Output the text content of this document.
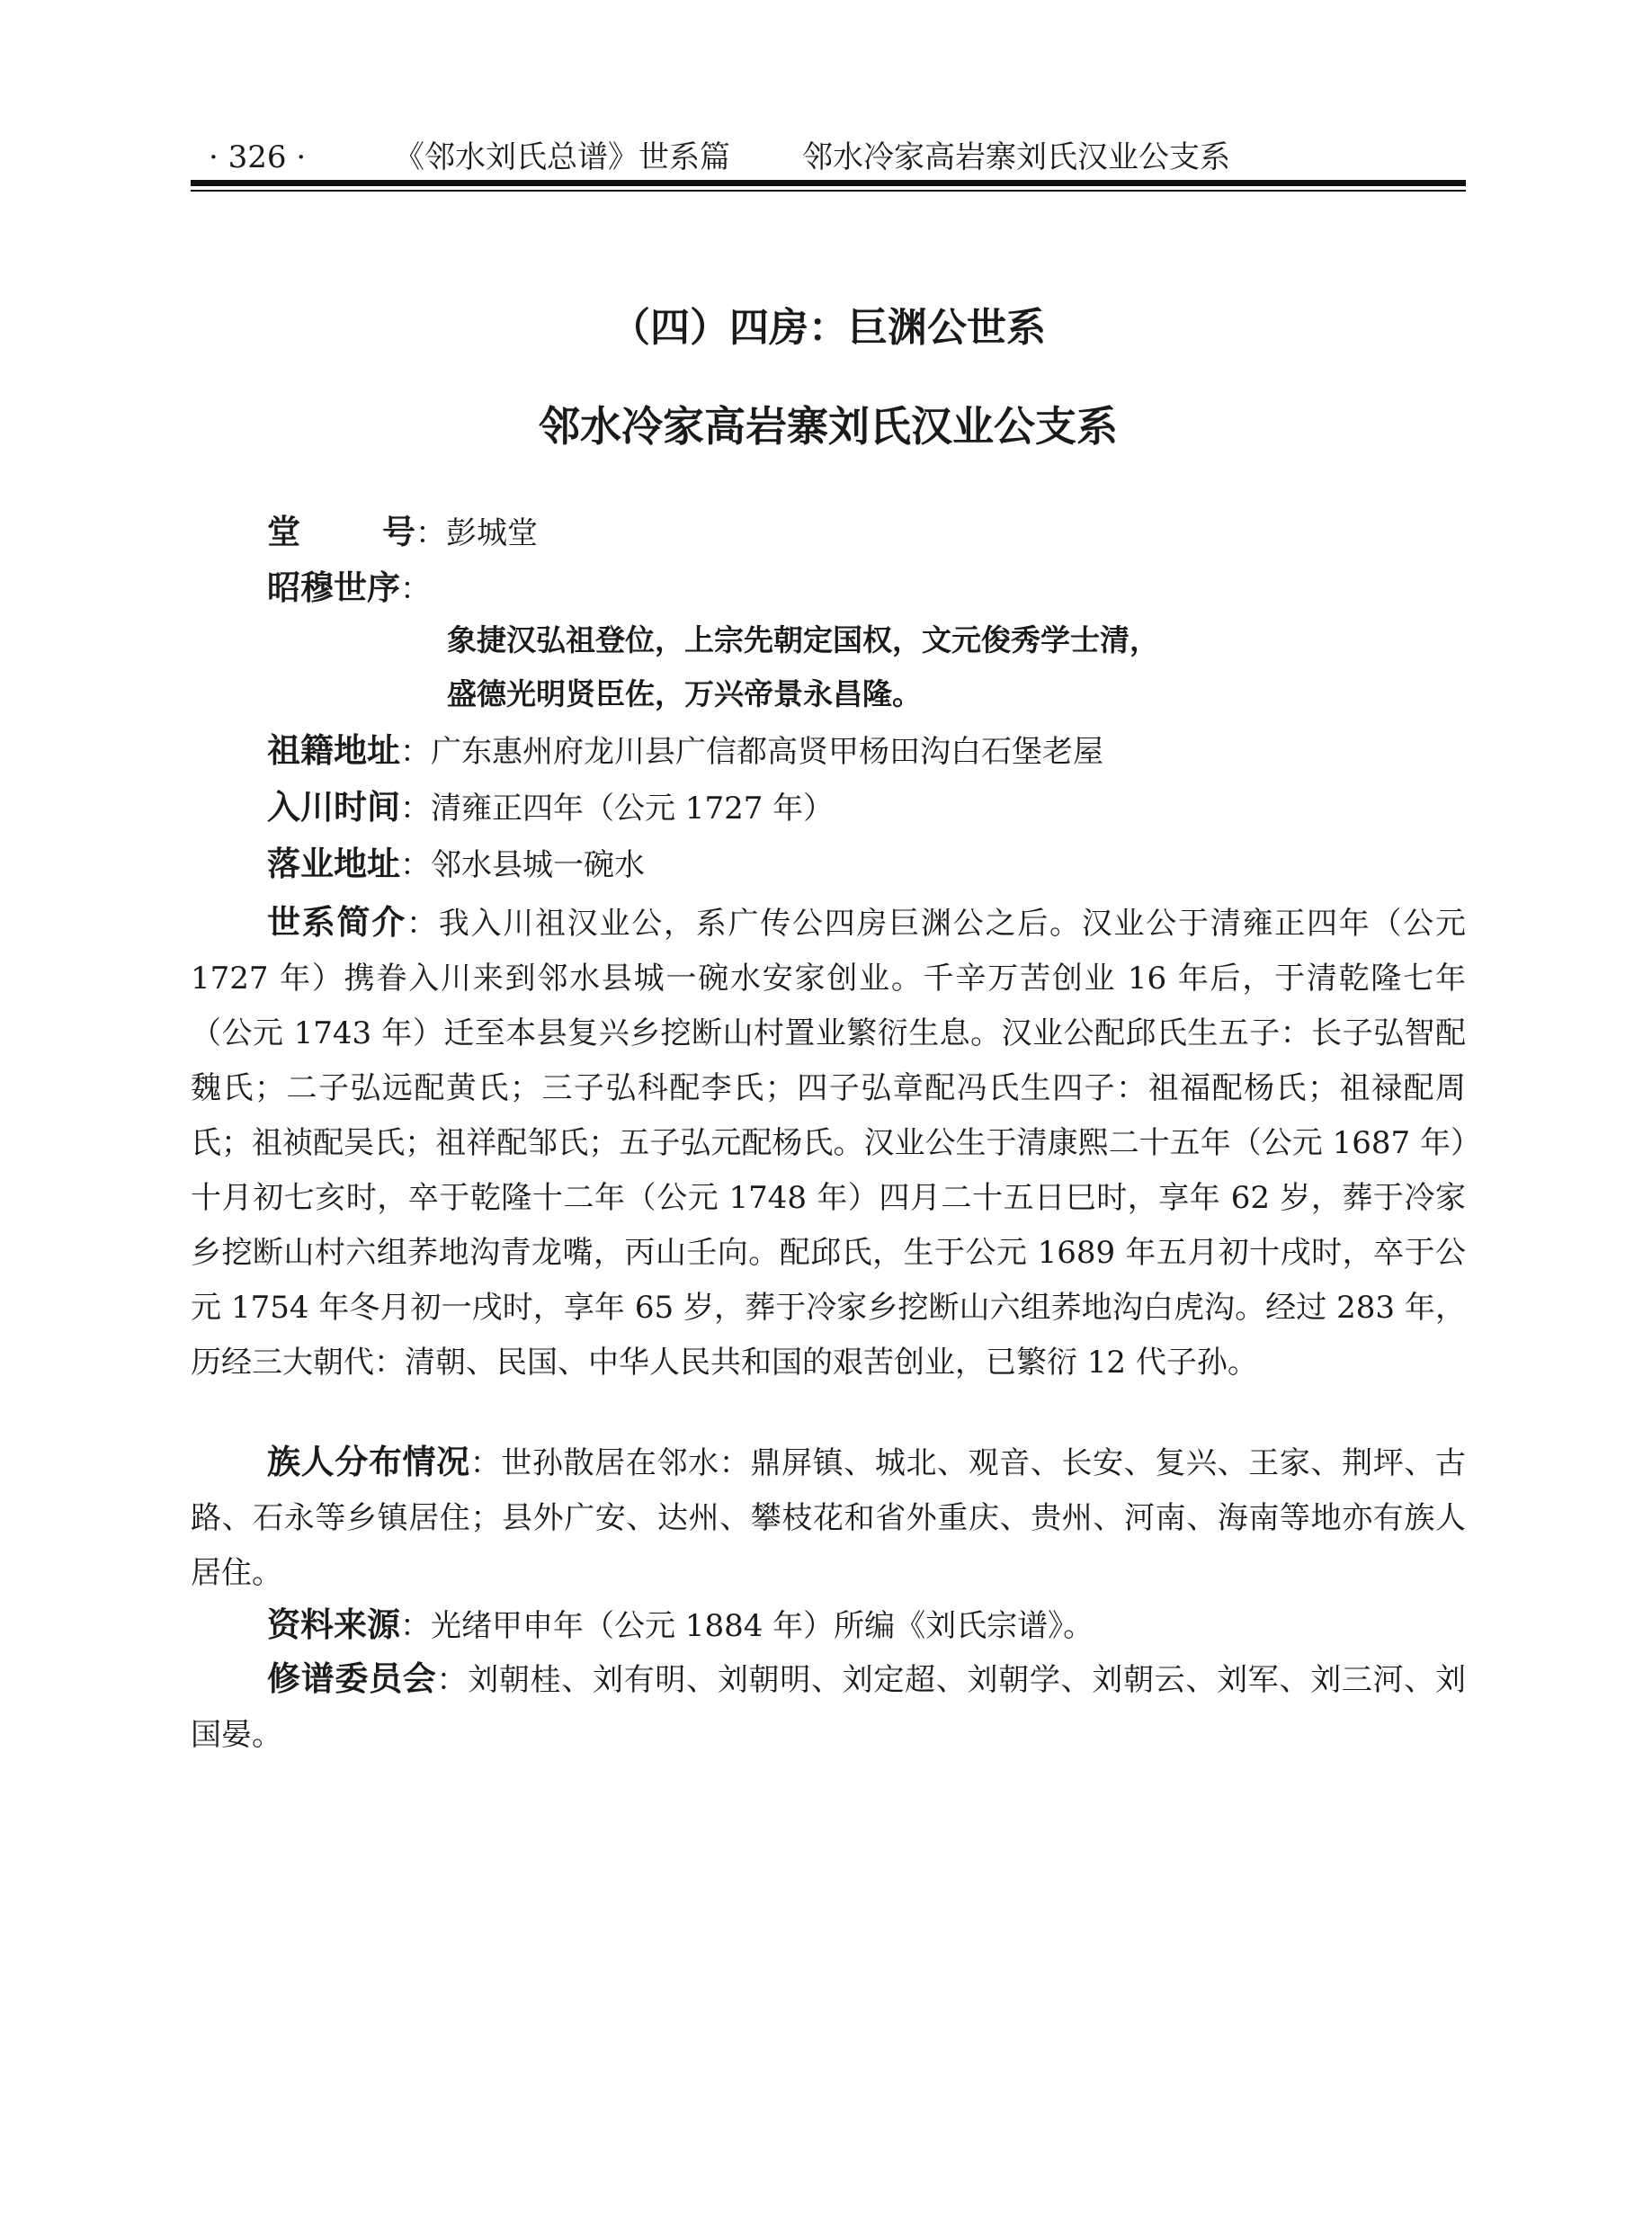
· 326 ·	《邻水刘氏总谱》世系篇 邻水冷家高岩寨刘氏汉业公支系
（四）四房：巨渊公世系
邻水冷家高岩寨刘氏汉业公支系
堂号：彭城堂
昭穆世序：
象捷汉弘祖登位，上宗先朝定国权，文元俊秀学士清，
盛德光明贤臣佐，万兴帝景永昌隆。
祖籍地址：广东惠州府龙川县广信都高贤甲杨田沟白石堡老屋
入川时间：清雍正四年（公元 1727 年）
落业地址：邻水县城一碗水

世系简介：我入川祖汉业公，系广传公四房巨渊公之后。汉业公于清雍正四年（公元 1727 年）携眷入川来到邻水县城一碗水安家创业。千辛万苦创业 16 年后，于清乾隆七年（公元 1743 年）迁至本县复兴乡挖断山村置业繁衍生息。汉业公配邱氏生五子：长子弘智配魏氏；二子弘远配黄氏；三子弘科配李氏；四子弘章配冯氏生四子：祖福配杨氏；祖禄配周氏；祖祯配吴氏；祖祥配邹氏；五子弘元配杨氏。汉业公生于清康熙二十五年（公元 1687 年）十月初七亥时，卒于乾隆十二年（公元 1748 年）四月二十五日巳时，享年 62 岁，葬于冷家乡挖断山村六组荞地沟青龙嘴，丙山壬向。配邱氏，生于公元 1689 年五月初十戌时，卒于公元 1754 年冬月初一戌时，享年 65 岁，葬于冷家乡挖断山六组荞地沟白虎沟。经过 283 年，历经三大朝代：清朝、民国、中华人民共和国的艰苦创业，已繁衍 12 代子孙。

族人分布情况：世孙散居在邻水：鼎屏镇、城北、观音、长安、复兴、王家、荆坪、古路、石永等乡镇居住；县外广安、达州、攀枝花和省外重庆、贵州、河南、海南等地亦有族人居住。

资料来源：光绪甲申年（公元 1884 年）所编《刘氏宗谱》。

修谱委员会：刘朝桂、刘有明、刘朝明、刘定超、刘朝学、刘朝云、刘军、刘三河、刘国晏。
